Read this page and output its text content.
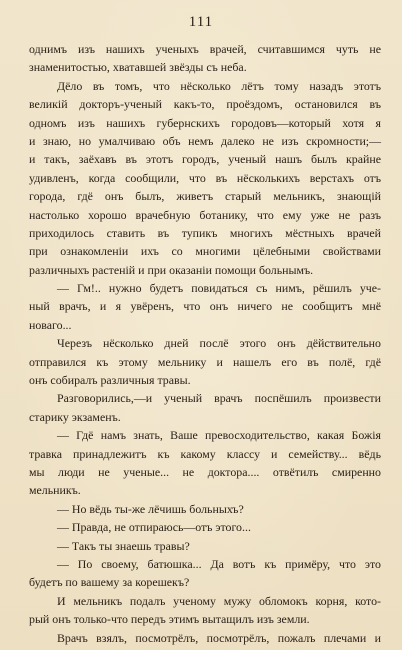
111
однимъ изъ нашихъ ученыхъ врачей, считавшимся чуть не
знаменитостью, хватавшей звёзды съ неба.
Дёло въ томъ, что нёсколько лётъ тому назадъ этотъ
великій докторъ-ученый какъ-то, проёздомъ, остановился въ
одномъ изъ нашихъ губернскихъ городовъ—который хотя я
и знаю, но умалчиваю объ немъ далеко не изъ скромности;—
и такъ, заёхавъ въ этотъ городъ, ученый нашъ былъ крайне
удивленъ, когда сообщили, что въ нёсколькихъ верстахъ отъ
города, гдё онъ былъ, живетъ старый мельникъ, знающій
настолько хорошо врачебную ботанику, что ему уже не разъ
приходилось ставить въ тупикъ многихъ мёстныхъ врачей
при ознакомленіи ихъ со многими цёлебными свойствами
различныхъ растеній и при оказаніи помощи больнымъ.
— Гм!.. нужно будетъ повидаться съ нимъ, рёшилъ уче-
ный врачъ, и я увёренъ, что онъ ничего не сообщитъ мнё
новаго...
Черезъ нёсколько дней послё этого онъ дёйствительно
отправился къ этому мельнику и нашелъ его въ полё, гдё
онъ собиралъ различныя травы.
Разговорились,—и ученый врачъ поспёшилъ произвести
старику экзаменъ.
— Гдё намъ знать, Ваше превосходительство, какая Божія
травка принадлежитъ къ какому классу и семейству... вёдь
мы люди не ученые... не доктора.... отвётилъ смиренно
мельникъ.
— Но вёдь ты-же лёчишь больныхъ?
— Правда, не отпираюсь—отъ этого...
— Такъ ты знаешь травы?
— По своему, батюшка... Да вотъ къ примёру, что это
будетъ по вашему за корешекъ?
И мельникъ подалъ ученому мужу обломокъ корня, кото-
рый онъ только-что передъ этимъ вытащилъ изъ земли.
Врачъ взялъ, посмотрёлъ, посмотрёлъ, пожалъ плечами и
